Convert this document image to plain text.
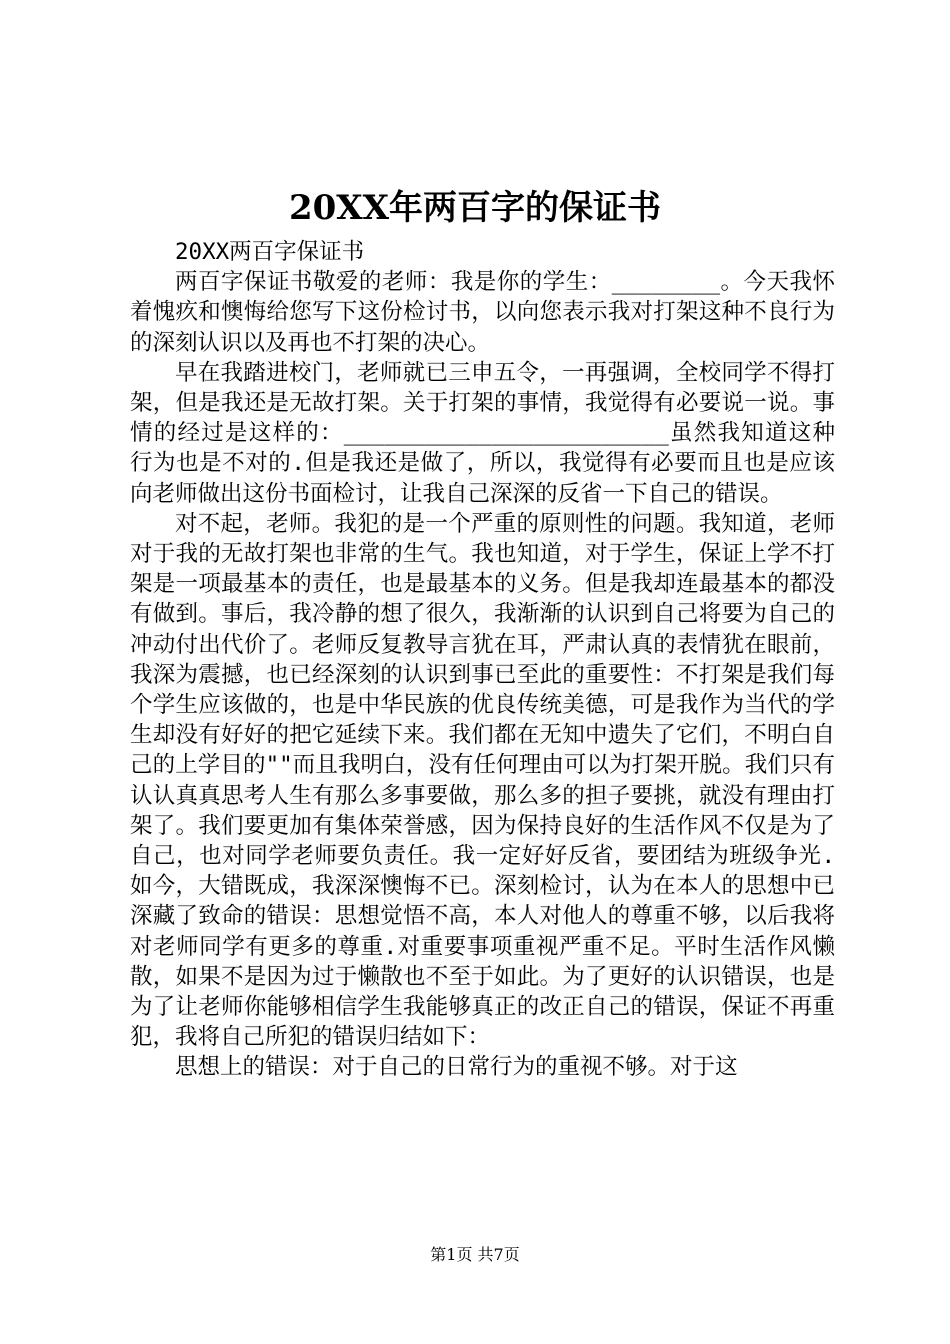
20XX年两百字的保证书

20XX两百字保证书

两百字保证书敬爱的老师：我是你的学生：________。今天我怀着愧疚和懊悔给您写下这份检讨书，以向您表示我对打架这种不良行为的深刻认识以及再也不打架的决心。

早在我踏进校门，老师就已三申五令，一再强调，全校同学不得打架，但是我还是无故打架。关于打架的事情，我觉得有必要说一说。事情的经过是这样的：________________________虽然我知道这种行为也是不对的.但是我还是做了，所以，我觉得有必要而且也是应该向老师做出这份书面检讨，让我自己深深的反省一下自己的错误。

对不起，老师。我犯的是一个严重的原则性的问题。我知道，老师对于我的无故打架也非常的生气。我也知道，对于学生，保证上学不打架是一项最基本的责任，也是最基本的义务。但是我却连最基本的都没有做到。事后，我冷静的想了很久，我渐渐的认识到自己将要为自己的冲动付出代价了。老师反复教导言犹在耳，严肃认真的表情犹在眼前，我深为震撼，也已经深刻的认识到事已至此的重要性：不打架是我们每个学生应该做的，也是中华民族的优良传统美德，可是我作为当代的学生却没有好好的把它延续下来。我们都在无知中遗失了它们，不明白自己的上学目的""而且我明白，没有任何理由可以为打架开脱。我们只有认认真真思考人生有那么多事要做，那么多的担子要挑，就没有理由打架了。我们要更加有集体荣誉感，因为保持良好的生活作风不仅是为了自己，也对同学老师要负责任。我一定好好反省，要团结为班级争光.如今，大错既成，我深深懊悔不已。深刻检讨，认为在本人的思想中已深藏了致命的错误：思想觉悟不高，本人对他人的尊重不够，以后我将对老师同学有更多的尊重.对重要事项重视严重不足。平时生活作风懒散，如果不是因为过于懒散也不至于如此。为了更好的认识错误，也是为了让老师你能够相信学生我能够真正的改正自己的错误，保证不再重犯，我将自己所犯的错误归结如下：

思想上的错误：对于自己的日常行为的重视不够。对于这

第1页 共7页
